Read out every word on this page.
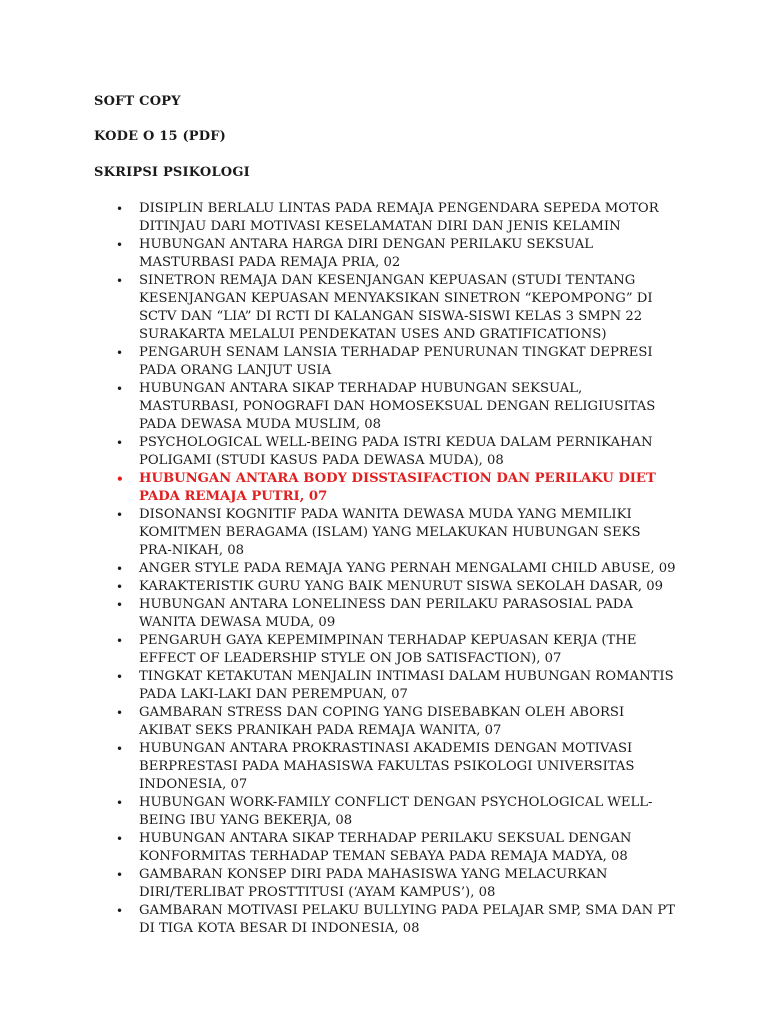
SOFT COPY

KODE O 15 (PDF)

SKRIPSI PSIKOLOGI

• DISIPLIN BERLALU LINTAS PADA REMAJA PENGENDARA SEPEDA MOTOR DITINJAU DARI MOTIVASI KESELAMATAN DIRI DAN JENIS KELAMIN
• HUBUNGAN ANTARA HARGA DIRI DENGAN PERILAKU SEKSUAL MASTURBASI PADA REMAJA PRIA, 02
• SINETRON REMAJA DAN KESENJANGAN KEPUASAN (STUDI TENTANG KESENJANGAN KEPUASAN MENYAKSIKAN SINETRON “KEPOMPONG” DI SCTV DAN “LIA” DI RCTI DI KALANGAN SISWA-SISWI KELAS 3 SMPN 22 SURAKARTA MELALUI PENDEKATAN USES AND GRATIFICATIONS)
• PENGARUH SENAM LANSIA TERHADAP PENURUNAN TINGKAT DEPRESI PADA ORANG LANJUT USIA
• HUBUNGAN ANTARA SIKAP TERHADAP HUBUNGAN SEKSUAL, MASTURBASI, PONOGRAFI DAN HOMOSEKSUAL DENGAN RELIGIUSITAS PADA DEWASA MUDA MUSLIM, 08
• PSYCHOLOGICAL WELL-BEING PADA ISTRI KEDUA DALAM PERNIKAHAN POLIGAMI (STUDI KASUS PADA DEWASA MUDA), 08
• HUBUNGAN ANTARA BODY DISSTASIFACTION DAN PERILAKU DIET PADA REMAJA PUTRI, 07
• DISONANSI KOGNITIF PADA WANITA DEWASA MUDA YANG MEMILIKI KOMITMEN BERAGAMA (ISLAM) YANG MELAKUKAN HUBUNGAN SEKS PRA-NIKAH, 08
• ANGER STYLE PADA REMAJA YANG PERNAH MENGALAMI CHILD ABUSE, 09
• KARAKTERISTIK GURU YANG BAIK MENURUT SISWA SEKOLAH DASAR, 09
• HUBUNGAN ANTARA LONELINESS DAN PERILAKU PARASOSIAL PADA WANITA DEWASA MUDA, 09
• PENGARUH GAYA KEPEMIMPINAN TERHADAP KEPUASAN KERJA (THE EFFECT OF LEADERSHIP STYLE ON JOB SATISFACTION), 07
• TINGKAT KETAKUTAN MENJALIN INTIMASI DALAM HUBUNGAN ROMANTIS PADA LAKI-LAKI DAN PEREMPUAN, 07
• GAMBARAN STRESS DAN COPING YANG DISEBABKAN OLEH ABORSI AKIBAT SEKS PRANIKAH PADA REMAJA WANITA, 07
• HUBUNGAN ANTARA PROKRASTINASI AKADEMIS DENGAN MOTIVASI BERPRESTASI PADA MAHASISWA FAKULTAS PSIKOLOGI UNIVERSITAS INDONESIA, 07
• HUBUNGAN WORK-FAMILY CONFLICT DENGAN PSYCHOLOGICAL WELL-BEING IBU YANG BEKERJA, 08
• HUBUNGAN ANTARA SIKAP TERHADAP PERILAKU SEKSUAL DENGAN KONFORMITAS TERHADAP TEMAN SEBAYA PADA REMAJA MADYA, 08
• GAMBARAN KONSEP DIRI PADA MAHASISWA YANG MELACURKAN DIRI/TERLIBAT PROSTTITUSI (‘AYAM KAMPUS’), 08
• GAMBARAN MOTIVASI PELAKU BULLYING PADA PELAJAR SMP, SMA DAN PT DI TIGA KOTA BESAR DI INDONESIA, 08
